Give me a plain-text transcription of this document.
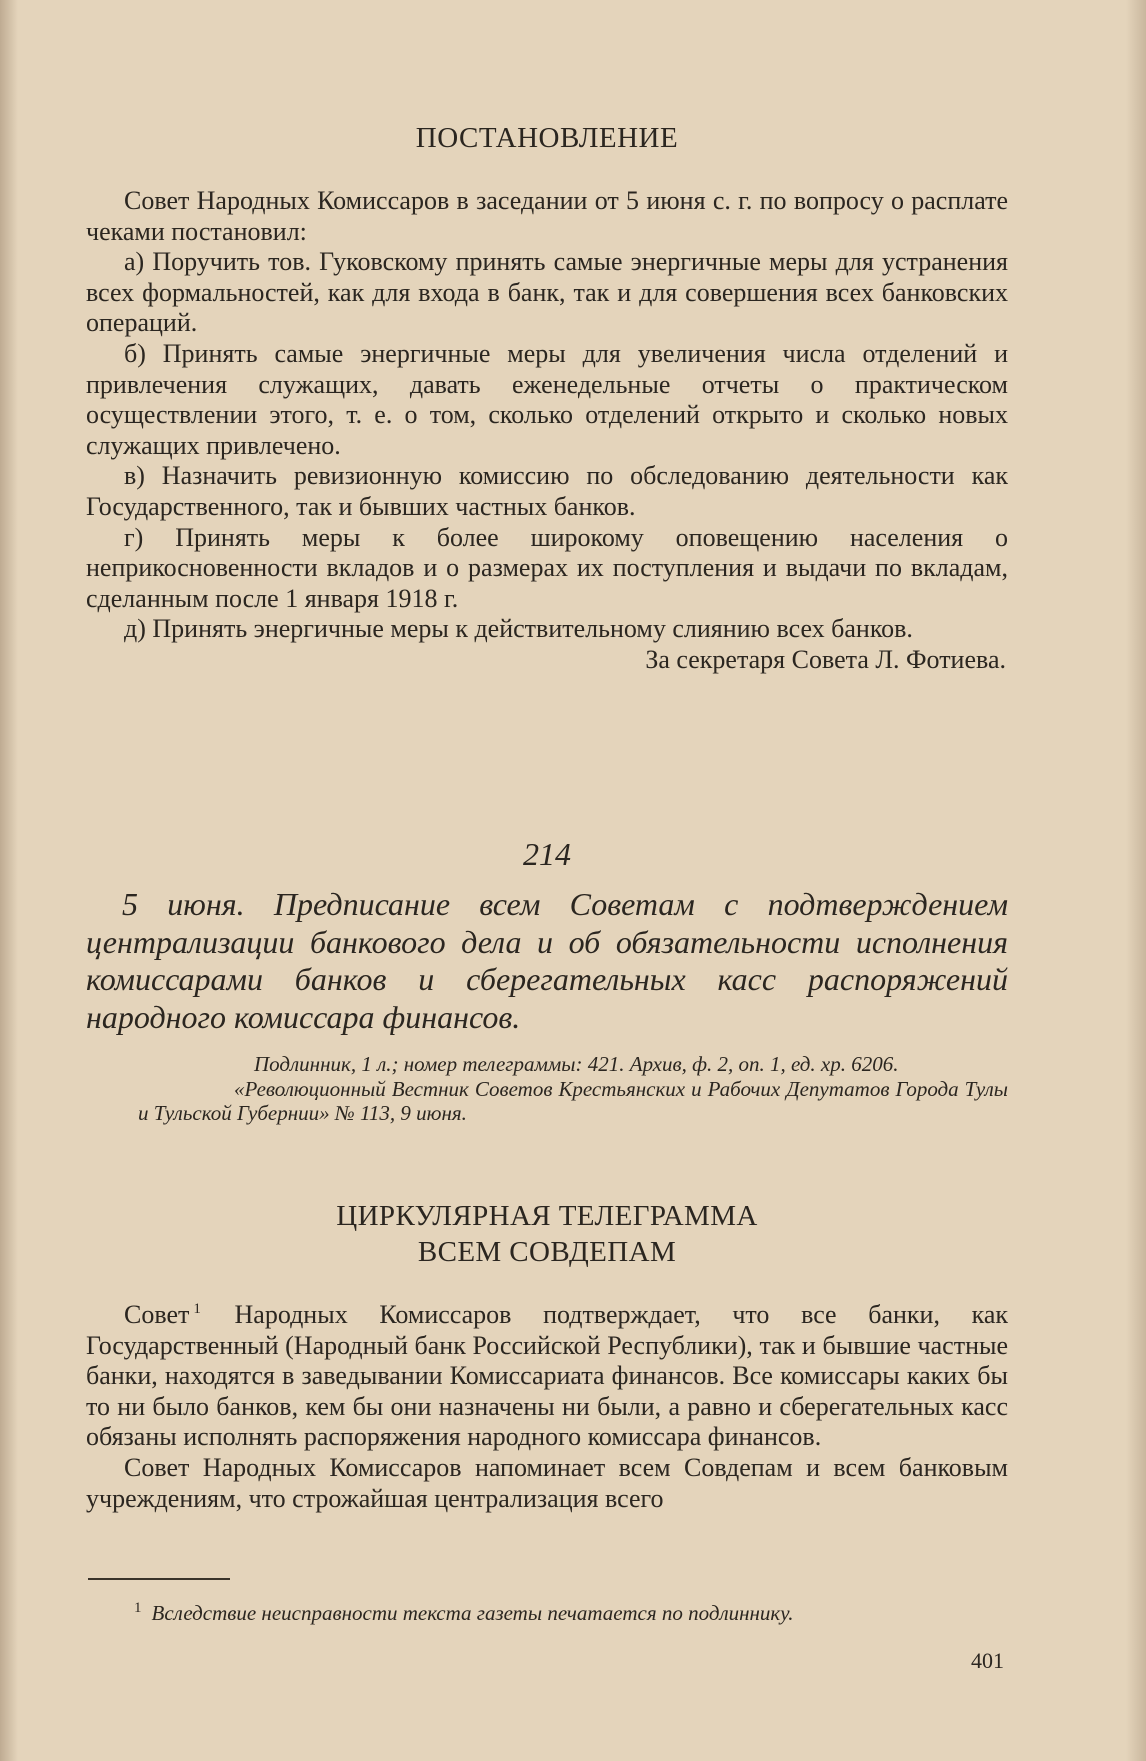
ПОСТАНОВЛЕНИЕ

Совет Народных Комиссаров в заседании от 5 июня с. г. по вопросу о расплате чеками постановил:

а) Поручить тов. Гуковскому принять самые энергичные меры для устранения всех формальностей, как для входа в банк, так и для совершения всех банковских операций.

б) Принять самые энергичные меры для увеличения числа отделений и привлечения служащих, давать еженедельные отчеты о практическом осуществлении этого, т. е. о том, сколько отделений открыто и сколько новых служащих привлечено.

в) Назначить ревизионную комиссию по обследованию деятельности как Государственного, так и бывших частных банков.

г) Принять меры к более широкому оповещению населения о неприкосновенности вкладов и о размерах их поступления и выдачи по вкладам, сделанным после 1 января 1918 г.

д) Принять энергичные меры к действительному слиянию всех банков.

За секретаря Совета Л. Фотиева.

214
5 июня. Предписание всем Советам с подтверждением централизации банкового дела и об обязательности исполнения комиссарами банков и сберегательных касс распоряжений народного комиссара финансов.

Подлинник, 1 л.; номер телеграммы: 421. Архив, ф. 2, оп. 1, ед. хр. 6206.

«Революционный Вестник Советов Крестьянских и Рабочих Депутатов Города Тулы и Тульской Губернии» № 113, 9 июня.

ЦИРКУЛЯРНАЯ ТЕЛЕГРАММА
ВСЕМ СОВДЕПАМ

Совет $^1$ Народных Комиссаров подтверждает, что все банки, как Государственный (Народный банк Российской Республики), так и бывшие частные банки, находятся в заведывании Комиссариата финансов. Все комиссары каких бы то ни было банков, кем бы они назначены ни были, а равно и сберегательных касс обязаны исполнять распоряжения народного комиссара финансов.

Совет Народных Комиссаров напоминает всем Совдепам и всем банковым учреждениям, что строжайшая централизация всего

$^1$ Вследствие неисправности текста газеты печатается по подлиннику.

401
